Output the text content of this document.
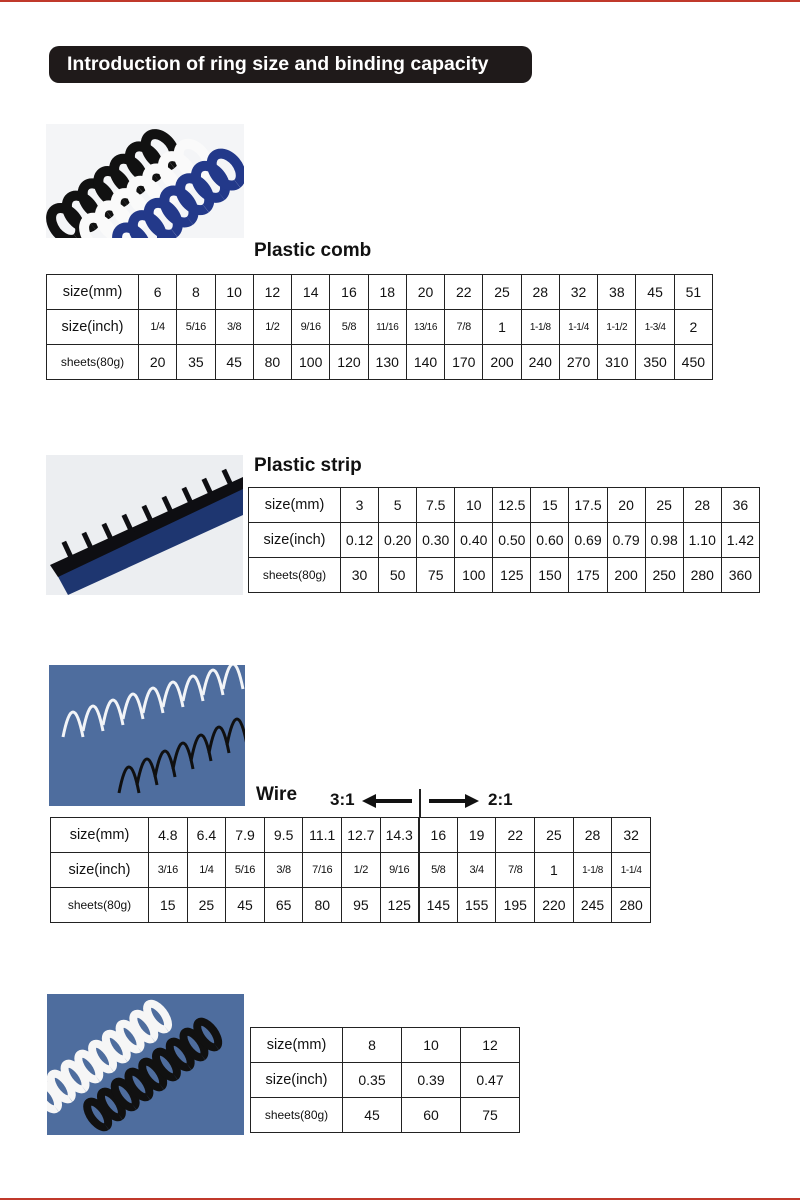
Introduction of ring size and binding capacity
Plastic comb
size(mm)	6	8	10	12	14	16	18	20	22	25	28	32	38	45	51
size(inch)	1/4	5/16	3/8	1/2	9/16	5/8	11/16	13/16	7/8	1	1-1/8	1-1/4	1-1/2	1-3/4	2
sheets(80g)	20	35	45	80	100	120	130	140	170	200	240	270	310	350	450
Plastic strip
size(mm)	3	5	7.5	10	12.5	15	17.5	20	25	28	36
size(inch)	0.12	0.20	0.30	0.40	0.50	0.60	0.69	0.79	0.98	1.10	1.42
sheets(80g)	30	50	75	100	125	150	175	200	250	280	360
Wire 3:1	2:1
size(mm)	4.8	6.4	7.9	9.5	11.1	12.7	14.3	16	19	22	25	28	32
size(inch)	3/16	1/4	5/16	3/8	7/16	1/2	9/16	5/8	3/4	7/8	1	1-1/8	1-1/4
sheets(80g)	15	25	45	65	80	95	125	145	155	195	220	245	280
size(mm)	8	10	12
size(inch)	0.35	0.39	0.47
sheets(80g)	45	60	75
